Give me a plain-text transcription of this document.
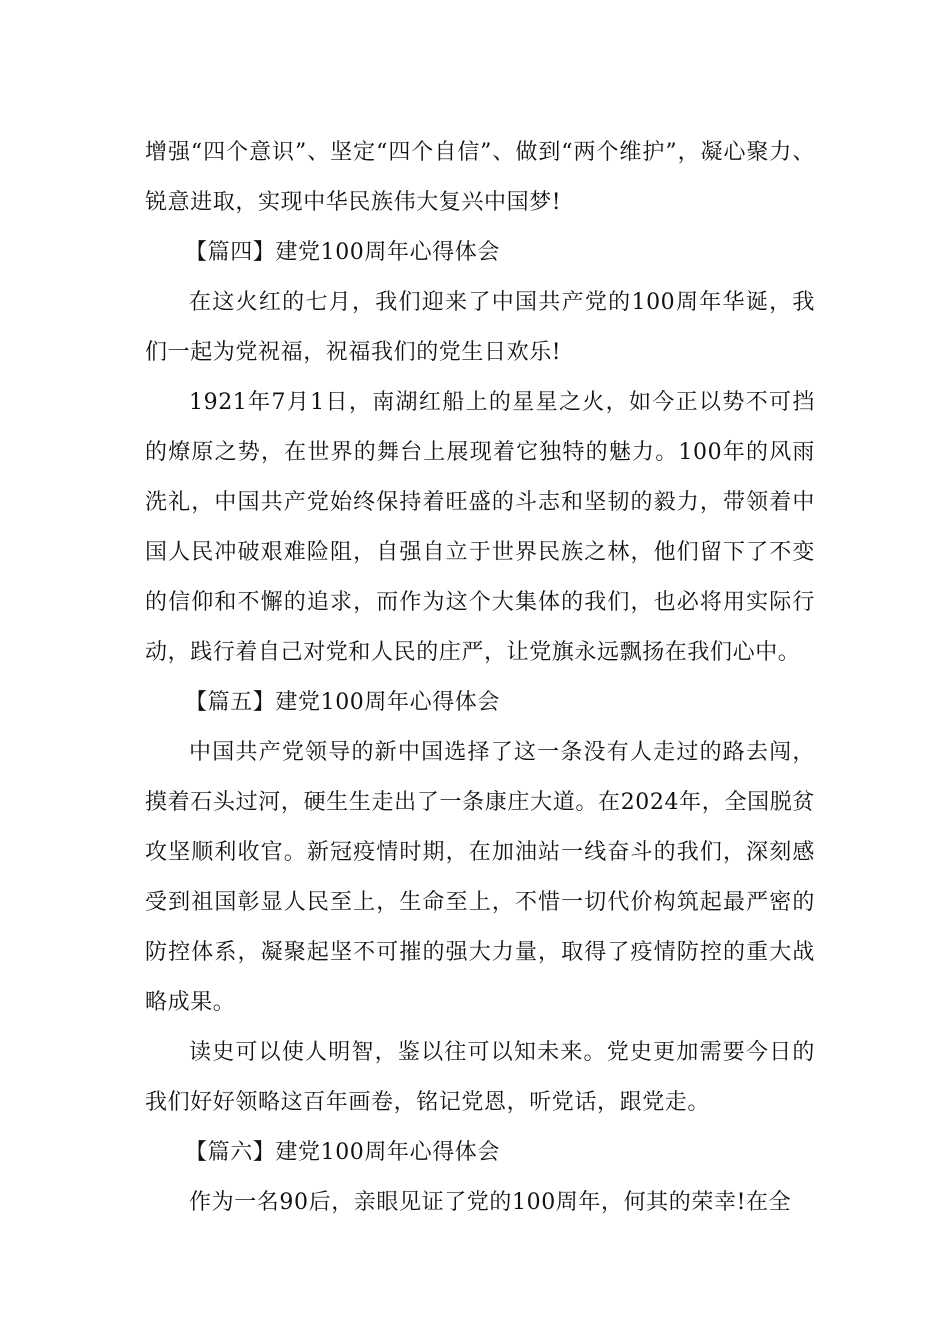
增强“四个意识”、坚定“四个自信”、做到“两个维护”，凝心聚力、锐意进取，实现中华民族伟大复兴中国梦!

【篇四】建党100周年心得体会

在这火红的七月，我们迎来了中国共产党的100周年华诞，我们一起为党祝福，祝福我们的党生日欢乐!

1921年7月1日，南湖红船上的星星之火，如今正以势不可挡的燎原之势，在世界的舞台上展现着它独特的魅力。100年的风雨洗礼，中国共产党始终保持着旺盛的斗志和坚韧的毅力，带领着中国人民冲破艰难险阻，自强自立于世界民族之林，他们留下了不变的信仰和不懈的追求，而作为这个大集体的我们，也必将用实际行动，践行着自己对党和人民的庄严，让党旗永远飘扬在我们心中。

【篇五】建党100周年心得体会

中国共产党领导的新中国选择了这一条没有人走过的路去闯，摸着石头过河，硬生生走出了一条康庄大道。在2024年，全国脱贫攻坚顺利收官。新冠疫情时期，在加油站一线奋斗的我们，深刻感受到祖国彰显人民至上，生命至上，不惜一切代价构筑起最严密的防控体系，凝聚起坚不可摧的强大力量，取得了疫情防控的重大战略成果。

读史可以使人明智，鉴以往可以知未来。党史更加需要今日的我们好好领略这百年画卷，铭记党恩，听党话，跟党走。

【篇六】建党100周年心得体会

作为一名90后，亲眼见证了党的100周年，何其的荣幸!在全
